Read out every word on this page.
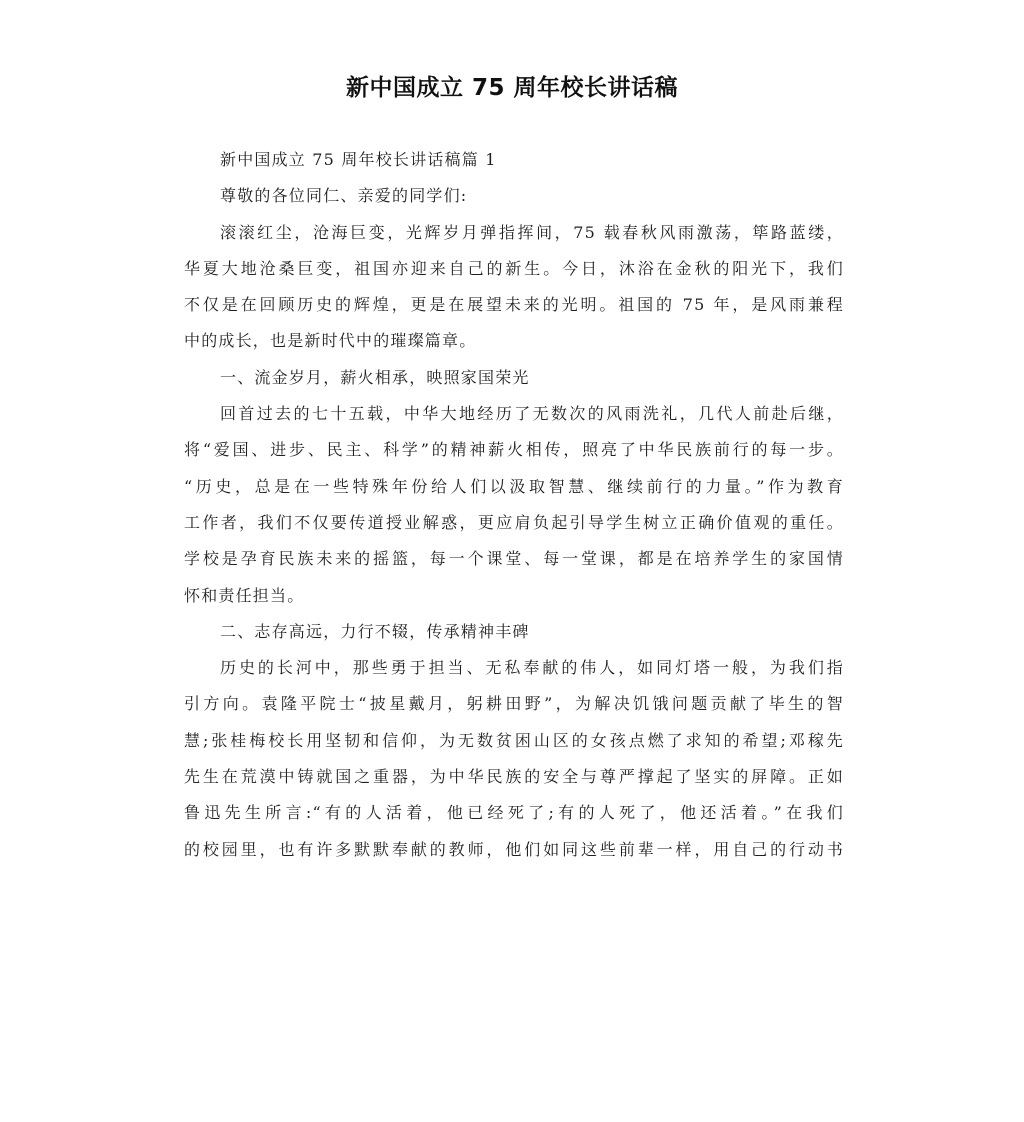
新中国成立 75 周年校长讲话稿
新中国成立 75 周年校长讲话稿篇 1
尊敬的各位同仁、亲爱的同学们:
滚滚红尘，沧海巨变，光辉岁月弹指挥间，75 载春秋风雨激荡，筚路蓝缕，
华夏大地沧桑巨变，祖国亦迎来自己的新生。今日，沐浴在金秋的阳光下，我们
不仅是在回顾历史的辉煌，更是在展望未来的光明。祖国的 75 年，是风雨兼程
中的成长，也是新时代中的璀璨篇章。
一、流金岁月，薪火相承，映照家国荣光
回首过去的七十五载，中华大地经历了无数次的风雨洗礼，几代人前赴后继，
将“爱国、进步、民主、科学”的精神薪火相传，照亮了中华民族前行的每一步。
“历史，总是在一些特殊年份给人们以汲取智慧、继续前行的力量。”作为教育
工作者，我们不仅要传道授业解惑，更应肩负起引导学生树立正确价值观的重任。
学校是孕育民族未来的摇篮，每一个课堂、每一堂课，都是在培养学生的家国情
怀和责任担当。
二、志存高远，力行不辍，传承精神丰碑
历史的长河中，那些勇于担当、无私奉献的伟人，如同灯塔一般，为我们指
引方向。袁隆平院士“披星戴月，躬耕田野”，为解决饥饿问题贡献了毕生的智
慧;张桂梅校长用坚韧和信仰，为无数贫困山区的女孩点燃了求知的希望;邓稼先
先生在荒漠中铸就国之重器，为中华民族的安全与尊严撑起了坚实的屏障。正如
鲁迅先生所言:“有的人活着，他已经死了;有的人死了，他还活着。”在我们
的校园里，也有许多默默奉献的教师，他们如同这些前辈一样，用自己的行动书
